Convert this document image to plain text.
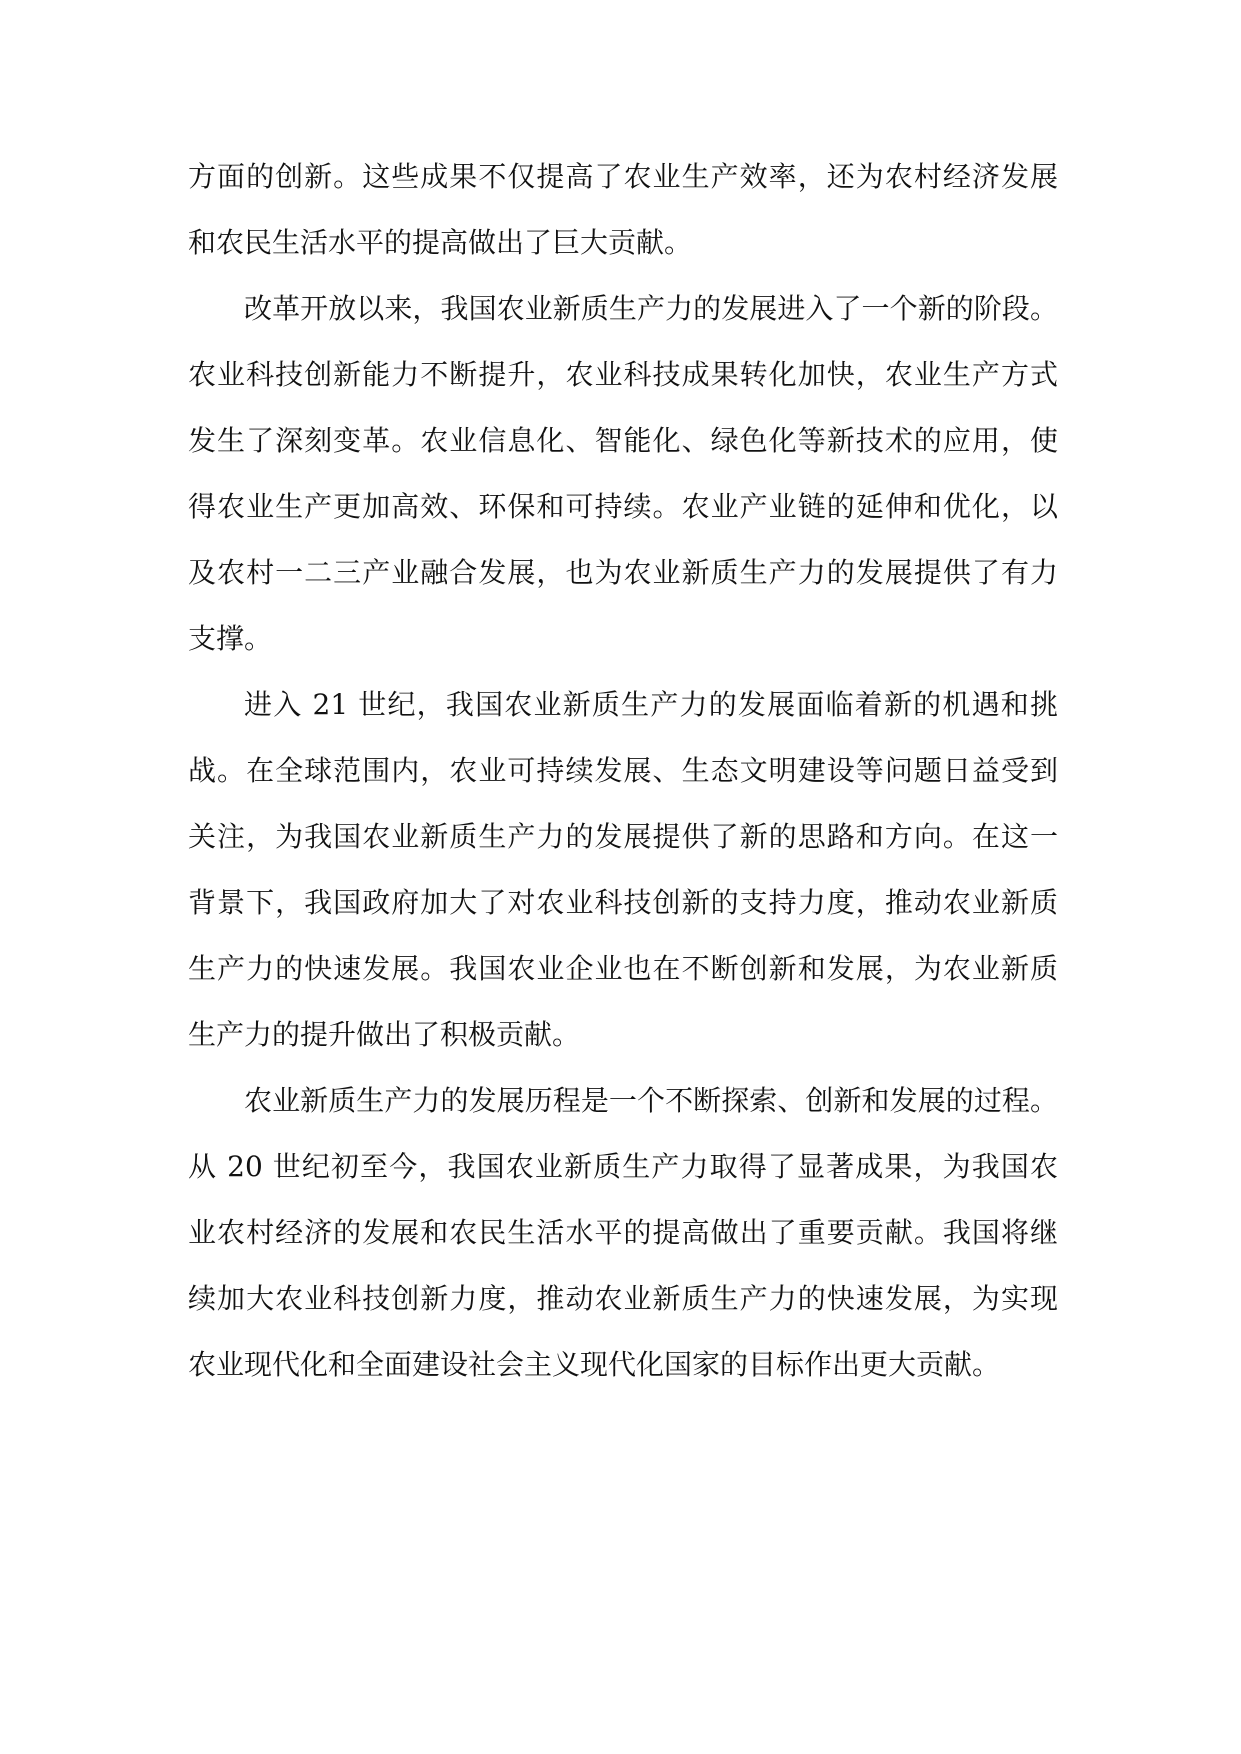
方面的创新。这些成果不仅提高了农业生产效率，还为农村经济发展
和农民生活水平的提高做出了巨大贡献。
改革开放以来，我国农业新质生产力的发展进入了一个新的阶段。
农业科技创新能力不断提升，农业科技成果转化加快，农业生产方式
发生了深刻变革。农业信息化、智能化、绿色化等新技术的应用，使
得农业生产更加高效、环保和可持续。农业产业链的延伸和优化，以
及农村一二三产业融合发展，也为农业新质生产力的发展提供了有力
支撑。
进入 21 世纪，我国农业新质生产力的发展面临着新的机遇和挑
战。在全球范围内，农业可持续发展、生态文明建设等问题日益受到
关注，为我国农业新质生产力的发展提供了新的思路和方向。在这一
背景下，我国政府加大了对农业科技创新的支持力度，推动农业新质
生产力的快速发展。我国农业企业也在不断创新和发展，为农业新质
生产力的提升做出了积极贡献。
农业新质生产力的发展历程是一个不断探索、创新和发展的过程。
从 20 世纪初至今，我国农业新质生产力取得了显著成果，为我国农
业农村经济的发展和农民生活水平的提高做出了重要贡献。我国将继
续加大农业科技创新力度，推动农业新质生产力的快速发展，为实现
农业现代化和全面建设社会主义现代化国家的目标作出更大贡献。
